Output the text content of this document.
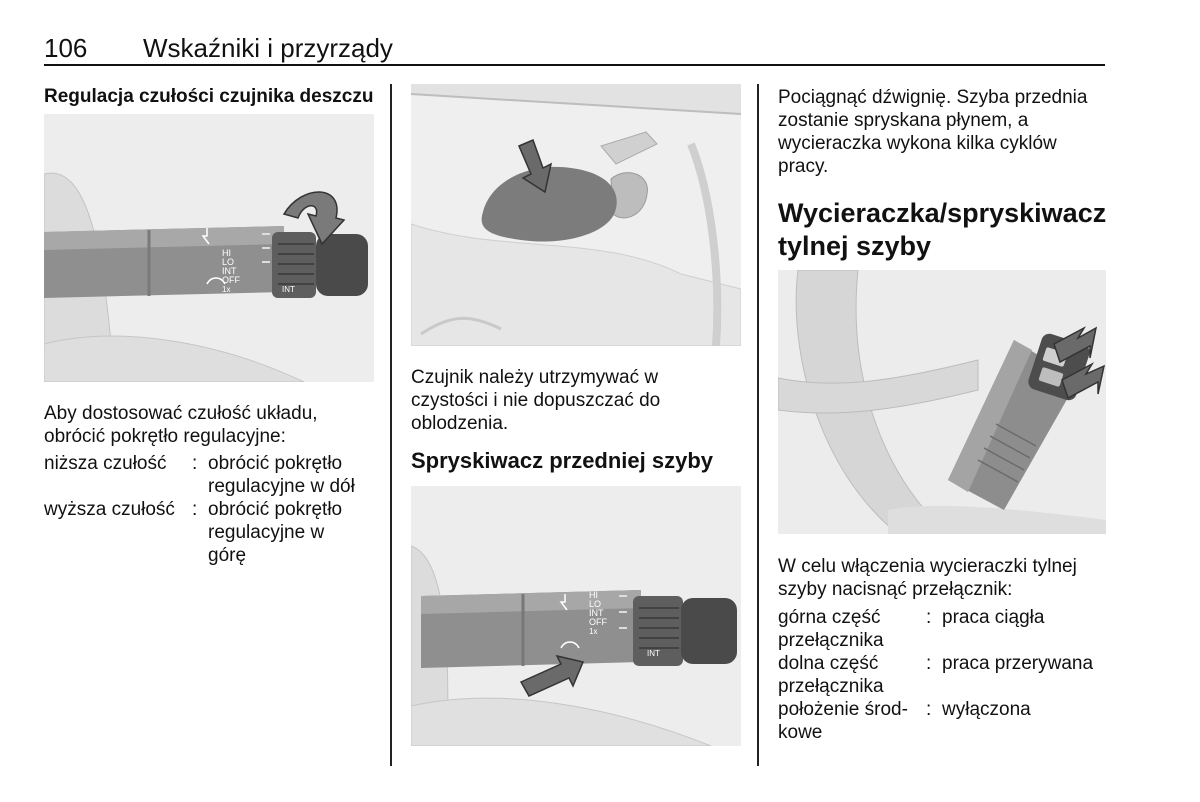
106 Wskaźniki i przyrządy
Regulacja czułości czujnika deszczu
HI
LO
INT
OFF
1x	INT
Aby dostosować czułość układu,
obrócić pokrętło regulacyjne:
niższa czułość	:	obrócić pokrętło
regulacyjne w dół

wyższa czułość	:	obrócić pokrętło
regulacyjne w
górę
Czujnik należy utrzymywać w
czystości i nie dopuszczać do
oblodzenia.
Spryskiwacz przedniej szyby
HI
LO
INT
OFF
1x
INT
Pociągnąć dźwignię. Szyba przednia
zostanie spryskana płynem, a
wycieraczka wykona kilka cyklów
pracy.
Wycieraczka/spryskiwacz
tylnej szyby
W celu włączenia wycieraczki tylnej
szyby nacisnąć przełącznik:
górna część
przełącznika	:	praca ciągła

dolna część
przełącznika	:	praca przerywana

położenie środ-
kowe	:	wyłączona
